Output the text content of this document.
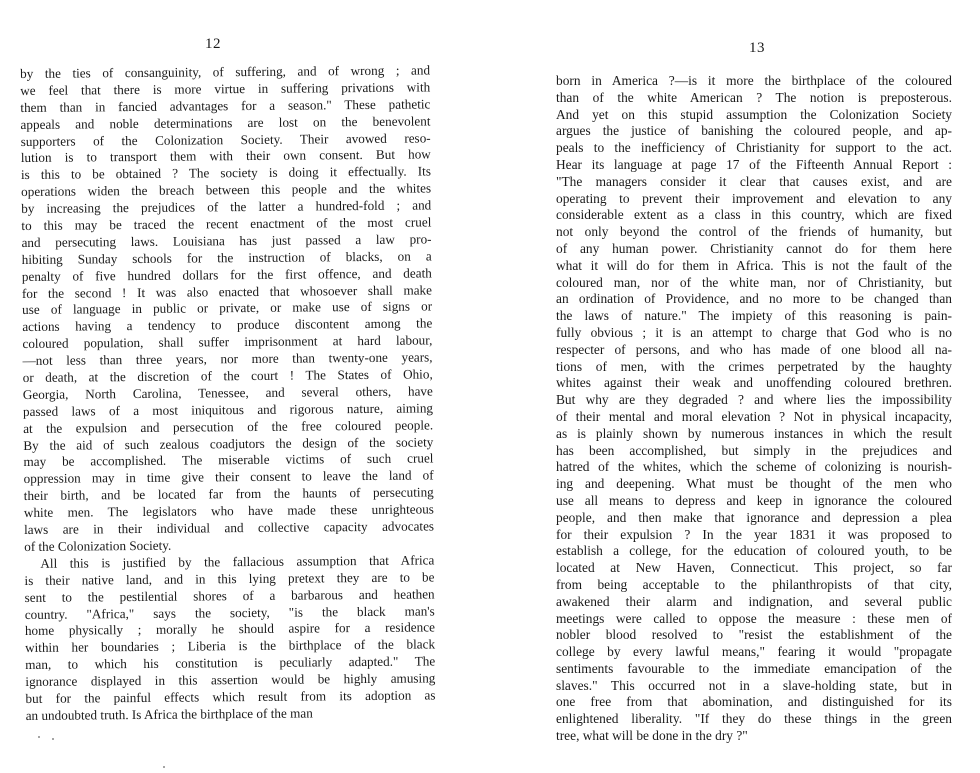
12
by the ties of consanguinity, of suffering, and of wrong ; and
we feel that there is more virtue in suffering privations with
them than in fancied advantages for a season." These pathetic
appeals and noble determinations are lost on the benevolent
supporters of the Colonization Society. Their avowed reso-
lution is to transport them with their own consent. But how
is this to be obtained ? The society is doing it effectually. Its
operations widen the breach between this people and the whites
by increasing the prejudices of the latter a hundred-fold ; and
to this may be traced the recent enactment of the most cruel
and persecuting laws. Louisiana has just passed a law pro-
hibiting Sunday schools for the instruction of blacks, on a
penalty of five hundred dollars for the first offence, and death
for the second ! It was also enacted that whosoever shall make
use of language in public or private, or make use of signs or
actions having a tendency to produce discontent among the
coloured population, shall suffer imprisonment at hard labour,
—not less than three years, nor more than twenty-one years,
or death, at the discretion of the court ! The States of Ohio,
Georgia, North Carolina, Tenessee, and several others, have
passed laws of a most iniquitous and rigorous nature, aiming
at the expulsion and persecution of the free coloured people.
By the aid of such zealous coadjutors the design of the society
may be accomplished. The miserable victims of such cruel
oppression may in time give their consent to leave the land of
their birth, and be located far from the haunts of persecuting
white men. The legislators who have made these unrighteous
laws are in their individual and collective capacity advocates
of the Colonization Society.
All this is justified by the fallacious assumption that Africa
is their native land, and in this lying pretext they are to be
sent to the pestilential shores of a barbarous and heathen
country. "Africa," says the society, "is the black man's
home physically ; morally he should aspire for a residence
within her boundaries ; Liberia is the birthplace of the black
man, to which his constitution is peculiarly adapted." The
ignorance displayed in this assertion would be highly amusing
but for the painful effects which result from its adoption as
an undoubted truth. Is Africa the birthplace of the man
13
born in America ?—is it more the birthplace of the coloured
than of the white American ? The notion is preposterous.
And yet on this stupid assumption the Colonization Society
argues the justice of banishing the coloured people, and ap-
peals to the inefficiency of Christianity for support to the act.
Hear its language at page 17 of the Fifteenth Annual Report :
"The managers consider it clear that causes exist, and are
operating to prevent their improvement and elevation to any
considerable extent as a class in this country, which are fixed
not only beyond the control of the friends of humanity, but
of any human power. Christianity cannot do for them here
what it will do for them in Africa. This is not the fault of the
coloured man, nor of the white man, nor of Christianity, but
an ordination of Providence, and no more to be changed than
the laws of nature." The impiety of this reasoning is pain-
fully obvious ; it is an attempt to charge that God who is no
respecter of persons, and who has made of one blood all na-
tions of men, with the crimes perpetrated by the haughty
whites against their weak and unoffending coloured brethren.
But why are they degraded ? and where lies the impossibility
of their mental and moral elevation ? Not in physical incapacity,
as is plainly shown by numerous instances in which the result
has been accomplished, but simply in the prejudices and
hatred of the whites, which the scheme of colonizing is nourish-
ing and deepening. What must be thought of the men who
use all means to depress and keep in ignorance the coloured
people, and then make that ignorance and depression a plea
for their expulsion ? In the year 1831 it was proposed to
establish a college, for the education of coloured youth, to be
located at New Haven, Connecticut. This project, so far
from being acceptable to the philanthropists of that city,
awakened their alarm and indignation, and several public
meetings were called to oppose the measure : these men of
nobler blood resolved to "resist the establishment of the
college by every lawful means," fearing it would "propagate
sentiments favourable to the immediate emancipation of the
slaves." This occurred not in a slave-holding state, but in
one free from that abomination, and distinguished for its
enlightened liberality. "If they do these things in the green
tree, what will be done in the dry ?"
